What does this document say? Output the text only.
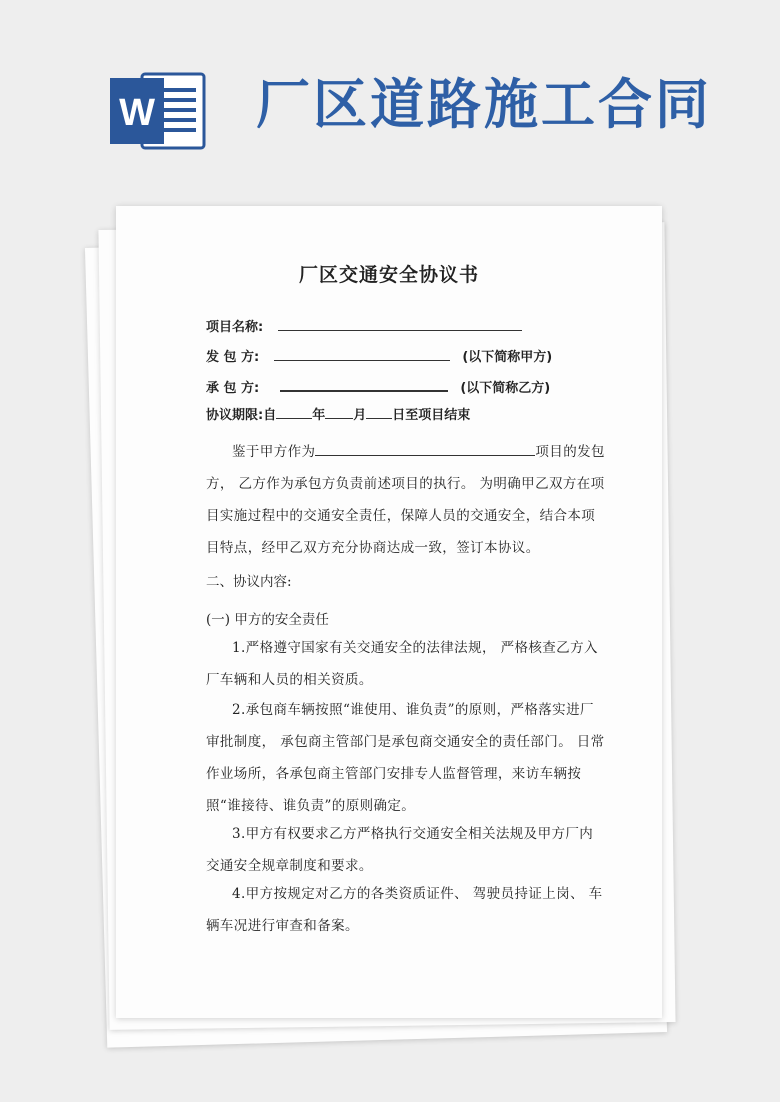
W 厂区道路施工合同
厂区交通安全协议书
项目名称:
发 包 方:	(以下简称甲方)
承 包 方:	(以下简称乙方)
协议期限:自	年 月 日至项目结束
鉴于甲方作为	项目的发包方， 乙方作为承包方负责前述项目的执行。 为明确甲乙双方在项目实施过程中的交通安全责任，保障人员的交通安全，结合本项目特点，经甲乙双方充分协商达成一致，签订本协议。
二、协议内容:
(一) 甲方的安全责任
1.严格遵守国家有关交通安全的法律法规， 严格核查乙方入厂车辆和人员的相关资质。
2.承包商车辆按照“谁使用、谁负责”的原则，严格落实进厂审批制度， 承包商主管部门是承包商交通安全的责任部门。 日常作业场所，各承包商主管部门安排专人监督管理，来访车辆按照“谁接待、谁负责”的原则确定。
3.甲方有权要求乙方严格执行交通安全相关法规及甲方厂内交通安全规章制度和要求。
4.甲方按规定对乙方的各类资质证件、 驾驶员持证上岗、 车辆车况进行审查和备案。
